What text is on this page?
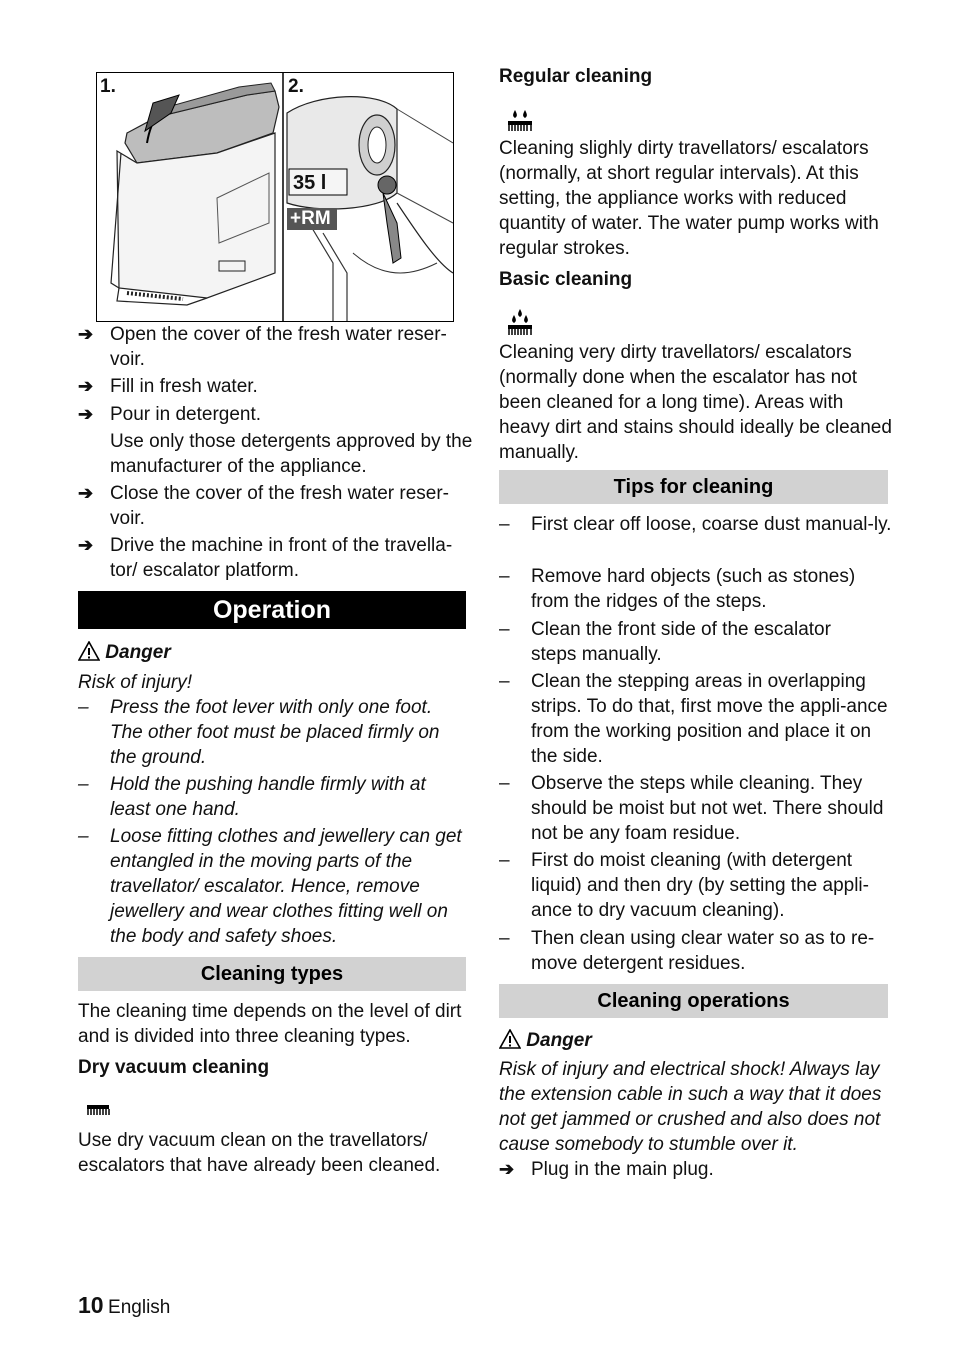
1.	2.
35 l
+RM
➔ Open the cover of the fresh water reser-voir.
➔ Fill in fresh water.
➔ Pour in detergent.
Use only those detergents approved by the manufacturer of the appliance.
➔ Close the cover of the fresh water reser-voir.
➔ Drive the machine in front of the travella-tor/ escalator platform.
Operation
Danger
Risk of injury!
– Press the foot lever with only one foot. The other foot must be placed firmly on the ground.
– Hold the pushing handle firmly with at least one hand.
– Loose fitting clothes and jewellery can get entangled in the moving parts of the travellator/ escalator. Hence, remove jewellery and wear clothes fitting well on the body and safety shoes.
Cleaning types
The cleaning time depends on the level of dirt and is divided into three cleaning types.
Dry vacuum cleaning
Use dry vacuum clean on the travellators/ escalators that have already been cleaned.
Regular cleaning
Cleaning slighly dirty travellators/ escalators (normally, at short regular intervals). At this setting, the appliance works with reduced quantity of water. The water pump works with regular strokes.
Basic cleaning
Cleaning very dirty travellators/ escalators (normally done when the escalator has not been cleaned for a long time). Areas with heavy dirt and stains should ideally be cleaned manually.
Tips for cleaning
– First clear off loose, coarse dust manual-ly.
– Remove hard objects (such as stones) from the ridges of the steps.
– Clean the front side of the escalator steps manually.
– Clean the stepping areas in overlapping strips. To do that, first move the appli-ance from the working position and place it on the side.
– Observe the steps while cleaning. They should be moist but not wet. There should not be any foam residue.
– First do moist cleaning (with detergent liquid) and then dry (by setting the appli-ance to dry vacuum cleaning).
– Then clean using clear water so as to re-move detergent residues.
Cleaning operations
Danger
Risk of injury and electrical shock! Always lay the extension cable in such a way that it does not get jammed or crushed and also does not cause somebody to stumble over it.
➔ Plug in the main plug.
10 English
